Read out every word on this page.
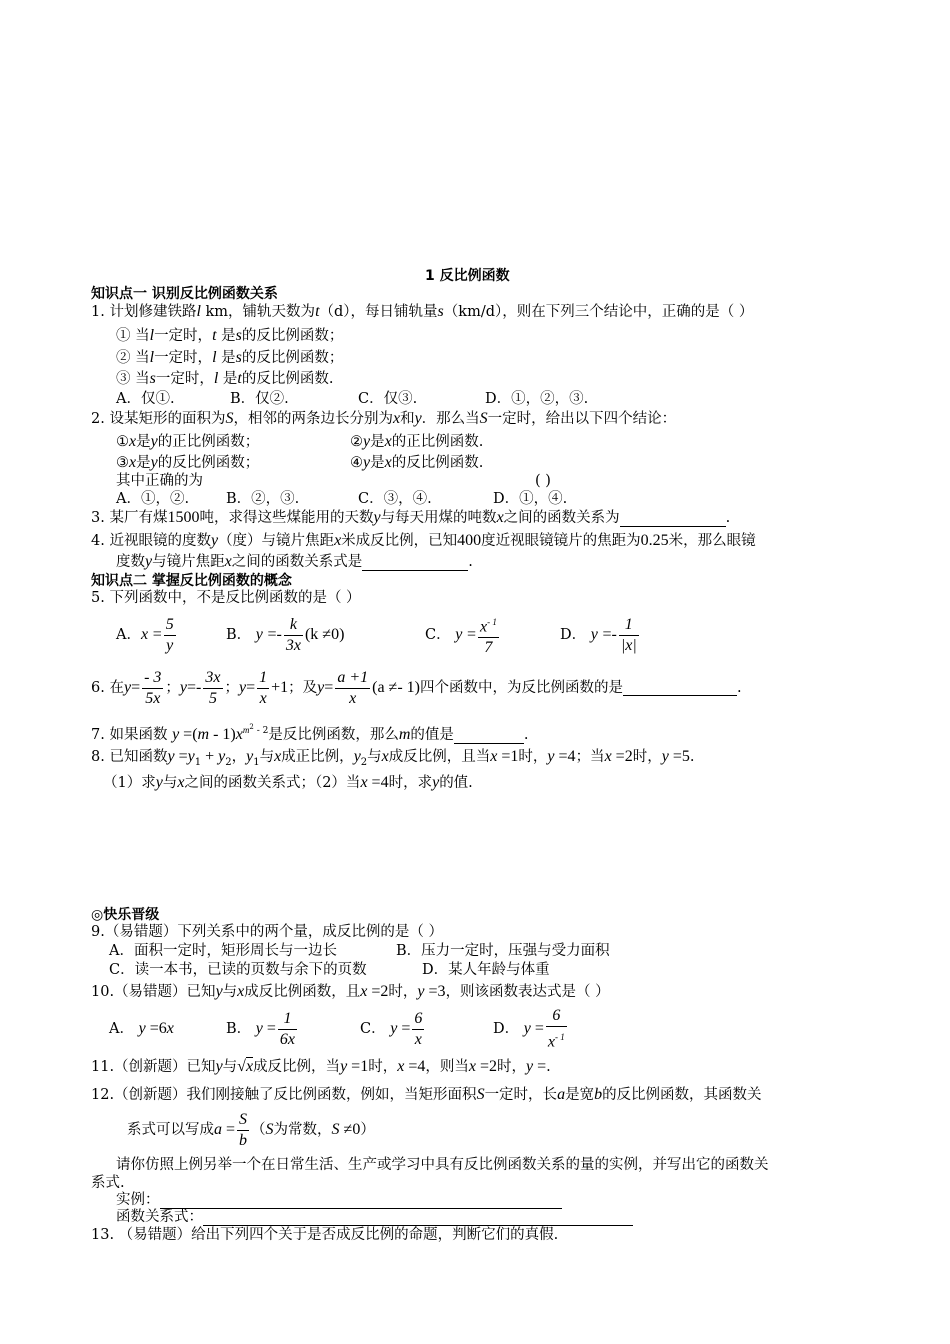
1 反比例函数
知识点一 识别反比例函数关系
1. 计划修建铁路l km，铺轨天数为t（d），每日铺轨量s（km/d），则在下列三个结论中，正确的是（ ）
① 当l一定时，t 是s的反比例函数；
② 当l一定时，l 是s的反比例函数；
③ 当s一定时，l 是t的反比例函数.
A．仅①.	B．仅②.	C．仅③.	D．①，②，③.
2. 设某矩形的面积为S，相邻的两条边长分别为x和y．那么当S一定时，给出以下四个结论：
①x是y的正比例函数；	②y是x的正比例函数.
③x是y的反比例函数；	④y是x的反比例函数.
其中正确的为	( )
A．①，②.	B．②，③.	C．③，④.	D．①，④.
3. 某厂有煤1500吨，求得这些煤能用的天数y与每天用煤的吨数x之间的函数关系为	.
4. 近视眼镜的度数y（度）与镜片焦距x米成反比例，已知400度近视眼镜镜片的焦距为0.25米，那么眼镜
度数y与镜片焦距x之间的函数关系式是	.
知识点二 掌握反比例函数的概念
5. 下列函数中，不是反比例函数的是（ ）
A．$x = \frac{5}{y}$	B． $y =- \frac{k}{3x} (k \ne 0)$	C． $y = \frac{x^{- 1}}{7}$	D． $y =- \frac{1}{|x|}$
6. 在$y= \frac{- 3}{5x}$ ；$y=- \frac{3x}{5}$ ；$y= \frac{1}{x} +1$；及$y= \frac{a +1}{x} (a \ne- 1)$四个函数中，为反比例函数的是	.
7. 如果函数 $y =(m - 1)x^{m^2 - 2}$是反比例函数，那么m的值是	.
8. 已知函数$y =y_1 + y_2$，$y_1$与x成正比例，$y_2$与x成反比例，且当x =1时，y =4；当x =2时，y =5.
（1）求y与x之间的函数关系式；（2）当x =4时，求y的值.
◎快乐晋级
9.（易错题）下列关系中的两个量，成反比例的是（ ）
A．面积一定时，矩形周长与一边长	B．压力一定时，压强与受力面积
C．读一本书，已读的页数与余下的页数	D．某人年龄与体重
10.（易错题）已知y与x成反比例函数，且x =2时，y =3，则该函数表达式是（ ）
A． y =6x	B． $y = \frac{1}{6x}$	C． $y = \frac{6}{x}$	D． $y = \frac{6}{x^{- 1}}$
11.（创新题）已知y与√x成反比例，当y =1时，x =4，则当x =2时，y =.
12.（创新题）我们刚接触了反比例函数，例如，当矩形面积S一定时，长a是宽b的反比例函数，其函数关
系式可以写成$a = \frac{S}{b} (S$为常数，S ≠0）
请你仿照上例另举一个在日常生活、生产或学习中具有反比例函数关系的量的实例，并写出它的函数关
系式.
实例：
函数关系式：
13. （易错题）给出下列四个关于是否成反比例的命题，判断它们的真假.
